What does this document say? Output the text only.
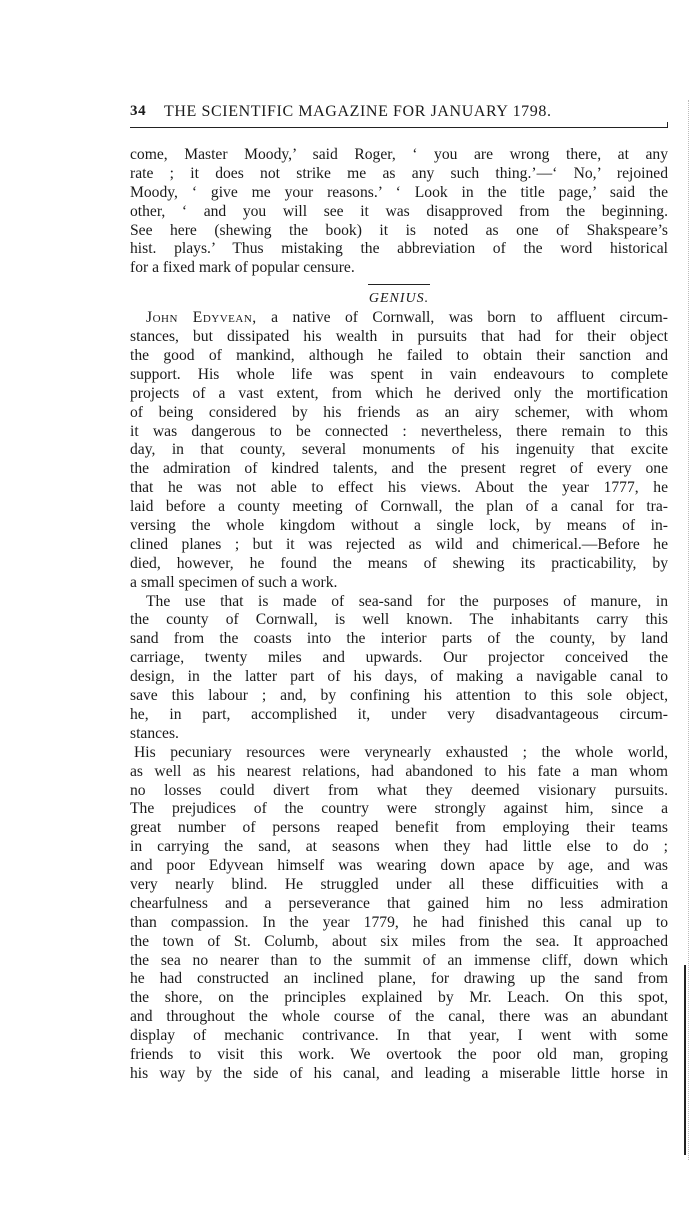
34 THE SCIENTIFIC MAGAZINE FOR JANUARY 1798.
come, Master Moody,’ said Roger, ‘ you are wrong there, at any
rate ; it does not strike me as any such thing.’—‘ No,’ rejoined
Moody, ‘ give me your reasons.’ ‘ Look in the title page,’ said the
other, ‘ and you will see it was disapproved from the beginning.
See here (shewing the book) it is noted as one of Shakspeare’s
hist. plays.’ Thus mistaking the abbreviation of the word historical
for a fixed mark of popular censure.
GENIUS.
John Edyvean, a native of Cornwall, was born to affluent circum-
stances, but dissipated his wealth in pursuits that had for their object
the good of mankind, although he failed to obtain their sanction and
support. His whole life was spent in vain endeavours to complete
projects of a vast extent, from which he derived only the mortification
of being considered by his friends as an airy schemer, with whom
it was dangerous to be connected : nevertheless, there remain to this
day, in that county, several monuments of his ingenuity that excite
the admiration of kindred talents, and the present regret of every one
that he was not able to effect his views. About the year 1777, he
laid before a county meeting of Cornwall, the plan of a canal for tra-
versing the whole kingdom without a single lock, by means of in-
clined planes ; but it was rejected as wild and chimerical.—Before he
died, however, he found the means of shewing its practicability, by
a small specimen of such a work.
The use that is made of sea-sand for the purposes of manure, in
the county of Cornwall, is well known. The inhabitants carry this
sand from the coasts into the interior parts of the county, by land
carriage, twenty miles and upwards. Our projector conceived the
design, in the latter part of his days, of making a navigable canal to
save this labour ; and, by confining his attention to this sole object,
he, in part, accomplished it, under very disadvantageous circum-
stances.
His pecuniary resources were verynearly exhausted ; the whole world,
as well as his nearest relations, had abandoned to his fate a man whom
no losses could divert from what they deemed visionary pursuits.
The prejudices of the country were strongly against him, since a
great number of persons reaped benefit from employing their teams
in carrying the sand, at seasons when they had little else to do ;
and poor Edyvean himself was wearing down apace by age, and was
very nearly blind. He struggled under all these difficuities with a
chearfulness and a perseverance that gained him no less admiration
than compassion. In the year 1779, he had finished this canal up to
the town of St. Columb, about six miles from the sea. It approached
the sea no nearer than to the summit of an immense cliff, down which
he had constructed an inclined plane, for drawing up the sand from
the shore, on the principles explained by Mr. Leach. On this spot,
and throughout the whole course of the canal, there was an abundant
display of mechanic contrivance. In that year, I went with some
friends to visit this work. We overtook the poor old man, groping
his way by the side of his canal, and leading a miserable little horse in
